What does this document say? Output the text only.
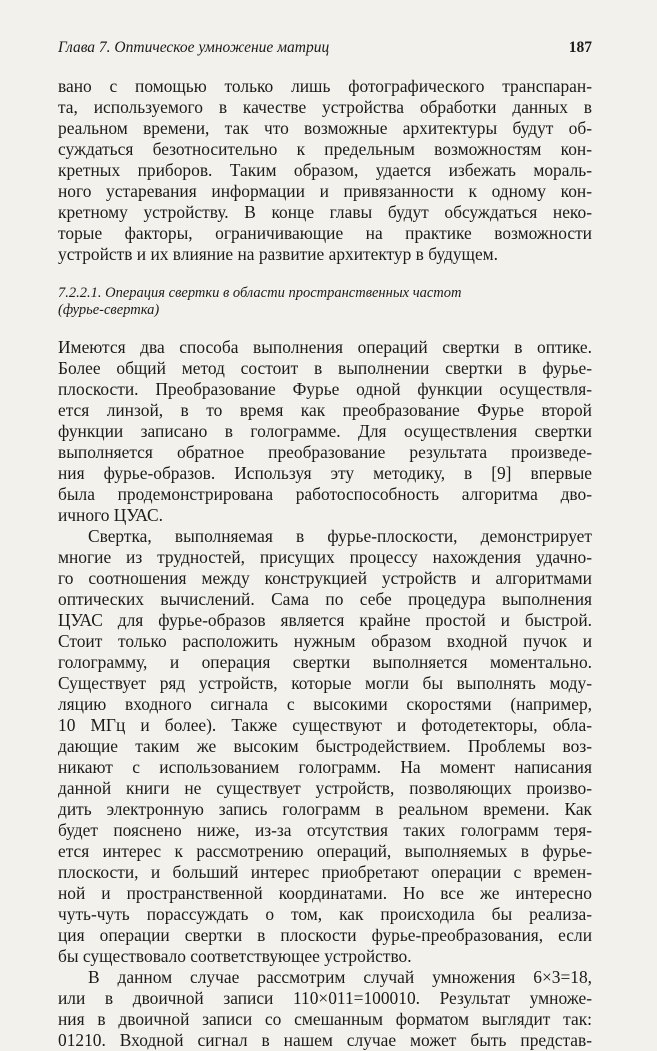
Глава 7. Оптическое умножение матриц	187

вано с помощью только лишь фотографического транспаран-
та, используемого в качестве устройства обработки данных в
реальном времени, так что возможные архитектуры будут об-
суждаться безотносительно к предельным возможностям кон-
кретных приборов. Таким образом, удается избежать мораль-
ного устаревания информации и привязанности к одному кон-
кретному устройству. В конце главы будут обсуждаться неко-
торые факторы, ограничивающие на практике возможности
устройств и их влияние на развитие архитектур в будущем.

7.2.2.1. Операция свертки в области пространственных частот
(фурье-свертка)

Имеются два способа выполнения операций свертки в оптике.
Более общий метод состоит в выполнении свертки в фурье-
плоскости. Преобразование Фурье одной функции осуществля-
ется линзой, в то время как преобразование Фурье второй
функции записано в голограмме. Для осуществления свертки
выполняется обратное преобразование результата произведе-
ния фурье-образов. Используя эту методику, в [9] впервые
была продемонстрирована работоспособность алгоритма дво-
ичного ЦУАС.

Свертка, выполняемая в фурье-плоскости, демонстрирует
многие из трудностей, присущих процессу нахождения удачно-
го соотношения между конструкцией устройств и алгоритмами
оптических вычислений. Сама по себе процедура выполнения
ЦУАС для фурье-образов является крайне простой и быстрой.
Стоит только расположить нужным образом входной пучок и
голограмму, и операция свертки выполняется моментально.
Существует ряд устройств, которые могли бы выполнять моду-
ляцию входного сигнала с высокими скоростями (например,
10 МГц и более). Также существуют и фотодетекторы, обла-
дающие таким же высоким быстродействием. Проблемы воз-
никают с использованием голограмм. На момент написания
данной книги не существует устройств, позволяющих произво-
дить электронную запись голограмм в реальном времени. Как
будет пояснено ниже, из-за отсутствия таких голограмм теря-
ется интерес к рассмотрению операций, выполняемых в фурье-
плоскости, и больший интерес приобретают операции с времен-
ной и пространственной координатами. Но все же интересно
чуть-чуть порассуждать о том, как происходила бы реализа-
ция операции свертки в плоскости фурье-преобразования, если
бы существовало соответствующее устройство.

В данном случае рассмотрим случай умножения 6×3=18,
или в двоичной записи 110×011=100010. Результат умноже-
ния в двоичной записи со смешанным форматом выглядит так:
01210. Входной сигнал в нашем случае может быть представ-
